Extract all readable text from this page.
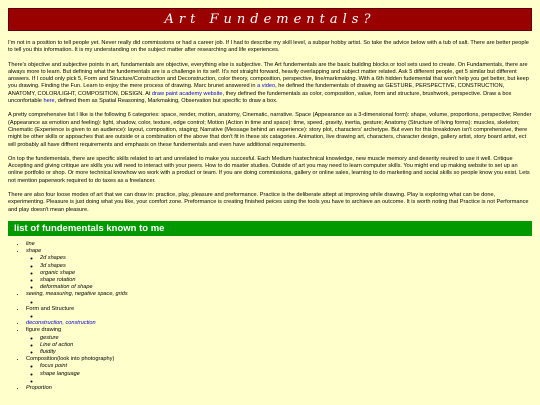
Art Fundementals?

I'm not in a position to tell people yet. Never really did commissions or had a career job. If I had to describe my skill level, a subpar hobby artist. So take the advice below with a tub of salt. There are better people to tell you this information. It is my understanding on the subject matter after researching and life experiences.

There's objective and subjective points in art, fundamentals are objective, everything else is subjective. The Art fundementals are the basic building blocks or tool sets used to create. On Fundamentals, there are always more to learn. But defining what the fundementals are is a challenge in its self. It's not straight forward, heavily overlapping and subject matter related. Ask 5 different people, get 5 similar but different answers. If I could only pick 5, Form and Structure/Construction and Deconstruction, color theory, composition, perspective, line/markmaking. With a 6th hidden fudemental that won't help you get better, but keep you drawing. Finding the Fun. Learn to enjoy the mere process of drawing. Marc brunet answered in a video, he defined the fundementals of drawing as GESTURE, PERSPECTIVE, CONSTRUCTION, ANATOMY, COLOR/LIGHT, COMPOSITION, DESIGN. At draw paint academy website, they defined the fundementals as color, composition, value, form and structure, brushwork, perspective. Draw a box unconfortable here, defined them as Spatial Reasoning, Markmaking, Observation but specific to draw a box.

A pretty comprehensive list I like is the following 6 categories: space, render, motion, anatomy, Cinematic, narrative. Space (Appearance as a 3-dimensional form): shape, volume, proportions, perspective; Render (Appearance as emotion and feeling): light, shadow, color, texture, edge control; Motion (Action in time and space): time, speed, gravity, inertia, gesture; Anatomy (Structure of living forms): muscles, skeleton; Cinematic (Experience is given to an audience): layout, composition, staging; Narrative (Message behind an experience): story plot, characters' archetype. But even for this breakdown isn't comprehensive, there might be other skills or appoaches that are outside or a combination of the above that don't fit in these six catagories. Animation, live drawing art, characters, character design, gallery artist, story board artist, ect will probably all have diffrent requirements and emphasis on these fundementals and even have additional requirements.

On top the fundementals, there are specific skills related to art and unrelated to make you succesful. Each Medium hastechnical knowledge, new muscle memory and dexerity reuired to use it well. Critique Accepting and giving critique are skills you will need to interact with your peers. How to do master studies. Outside of art you may need to learn computer skills. You might end up making website to set up an online portfolio or shop. Or more technical knowhow wo work with a product or team. If you are doing commissions, gallery or online sales, learning to do marketing and social skills so people know you exist. Lets not mention paperwork required to do taxes as a freelancer.

There are also four loose modes of art that we can draw in: practice, play, pleasure and preformance. Practice is the deliberate attept at improving while drawing. Play is exploring what can be done, experimenting. Pleasure is just doing what you like, your comfort zone. Preformance is creating finished peices using the tools you have to archieve an outcome. It is worth noting that Practice is not Performance and play doesn't mean pleasure.

list of fundementals known to me
• line
• shape
◦ 2d shapes
◦ 3d shapes
◦ organic shape
◦ shape rotation
◦ deformation of shape
• seeing, measuring, negative space, grids
◦
• Form and Structure
◦
• deconstruction, construction
• figure drawing
◦ gesture
◦ Line of action
◦ fluidity
• Composition(look into photography)
◦ focus point
◦ shape language
◦
• Proportion
